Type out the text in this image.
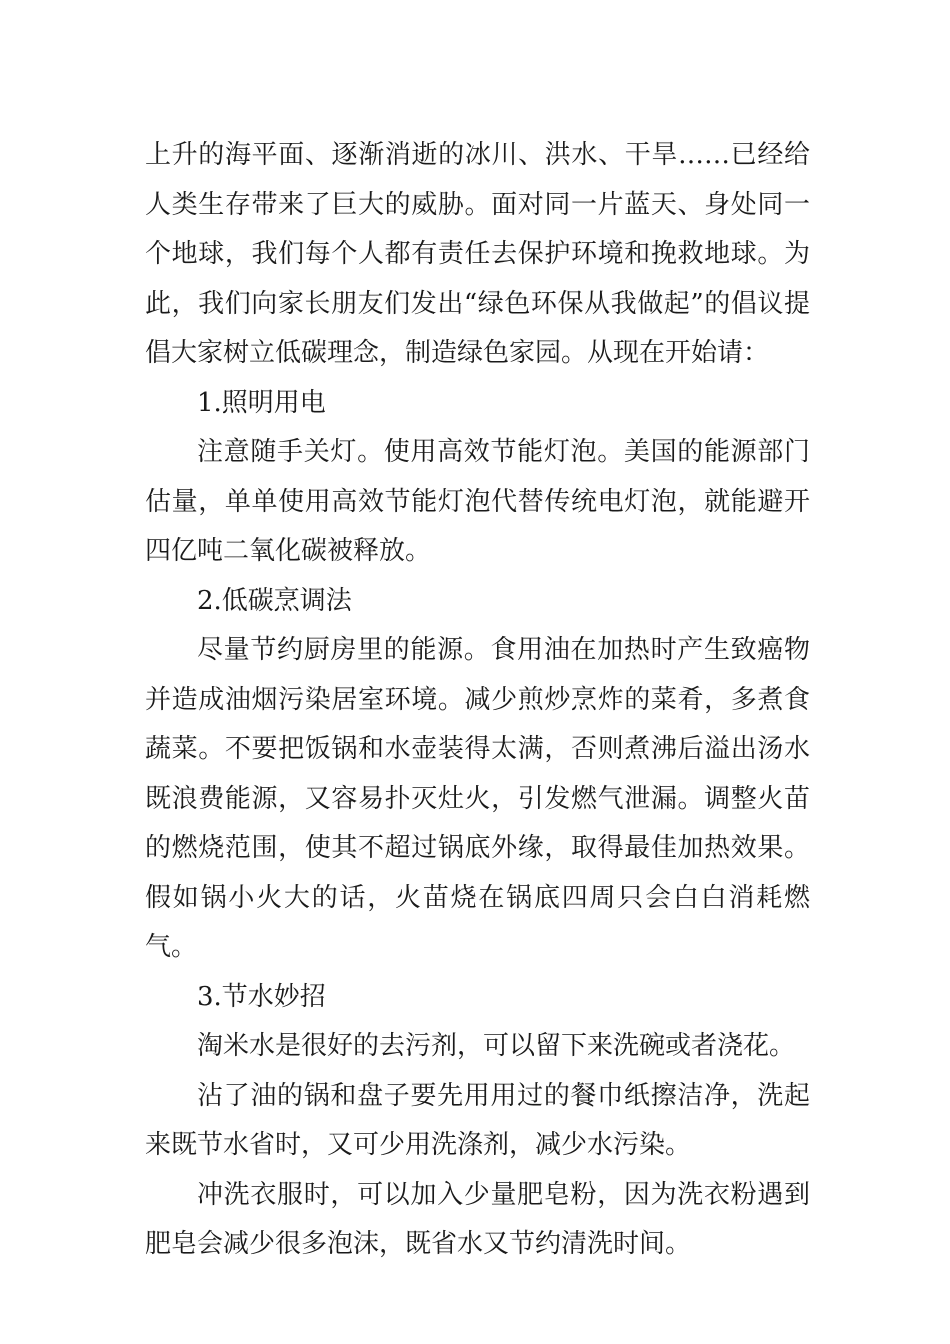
上升的海平面、逐渐消逝的冰川、洪水、干旱……已经给人类生存带来了巨大的威胁。面对同一片蓝天、身处同一个地球，我们每个人都有责任去保护环境和挽救地球。为此，我们向家长朋友们发出“绿色环保从我做起”的倡议提倡大家树立低碳理念，制造绿色家园。从现在开始请：

1.照明用电

注意随手关灯。使用高效节能灯泡。美国的能源部门估量，单单使用高效节能灯泡代替传统电灯泡，就能避开四亿吨二氧化碳被释放。

2.低碳烹调法

尽量节约厨房里的能源。食用油在加热时产生致癌物并造成油烟污染居室环境。减少煎炒烹炸的菜肴，多煮食蔬菜。不要把饭锅和水壶装得太满，否则煮沸后溢出汤水既浪费能源，又容易扑灭灶火，引发燃气泄漏。调整火苗的燃烧范围，使其不超过锅底外缘，取得最佳加热效果。假如锅小火大的话，火苗烧在锅底四周只会白白消耗燃气。

3.节水妙招

淘米水是很好的去污剂，可以留下来洗碗或者浇花。

沾了油的锅和盘子要先用用过的餐巾纸擦洁净，洗起来既节水省时，又可少用洗涤剂，减少水污染。

冲洗衣服时，可以加入少量肥皂粉，因为洗衣粉遇到肥皂会减少很多泡沫，既省水又节约清洗时间。
